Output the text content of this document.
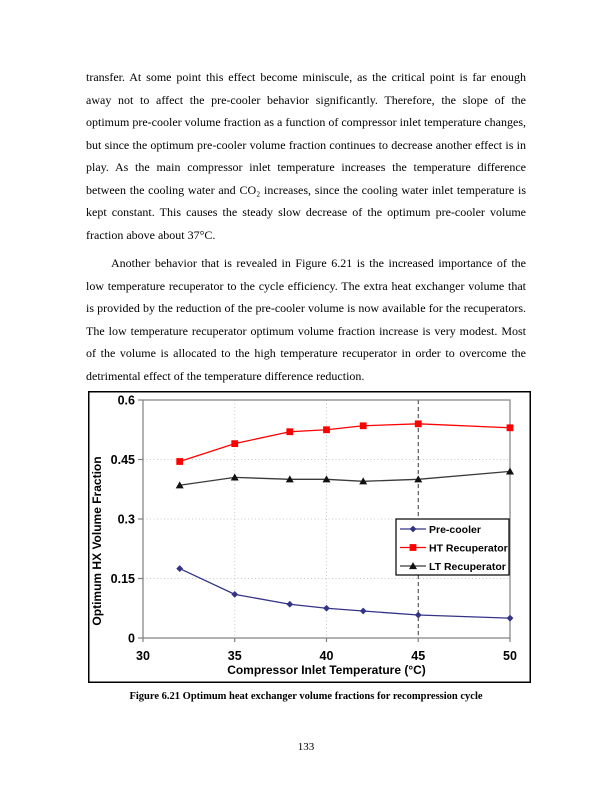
transfer. At some point this effect become miniscule, as the critical point is far enough away not to affect the pre-cooler behavior significantly. Therefore, the slope of the optimum pre-cooler volume fraction as a function of compressor inlet temperature changes, but since the optimum pre-cooler volume fraction continues to decrease another effect is in play. As the main compressor inlet temperature increases the temperature difference between the cooling water and CO₂ increases, since the cooling water inlet temperature is kept constant. This causes the steady slow decrease of the optimum pre-cooler volume fraction above about 37°C.

Another behavior that is revealed in Figure 6.21 is the increased importance of the low temperature recuperator to the cycle efficiency. The extra heat exchanger volume that is provided by the reduction of the pre-cooler volume is now available for the recuperators. The low temperature recuperator optimum volume fraction increase is very modest. Most of the volume is allocated to the high temperature recuperator in order to overcome the detrimental effect of the temperature difference reduction.

30	35	40	45	50
0
0.15
0.3
0.45
0.6
Pre-cooler
HT Recuperator
LT Recuperator
Compressor Inlet Temperature (°C)
Optimum HX Volume Fraction
Figure 6.21 Optimum heat exchanger volume fractions for recompression cycle
133
